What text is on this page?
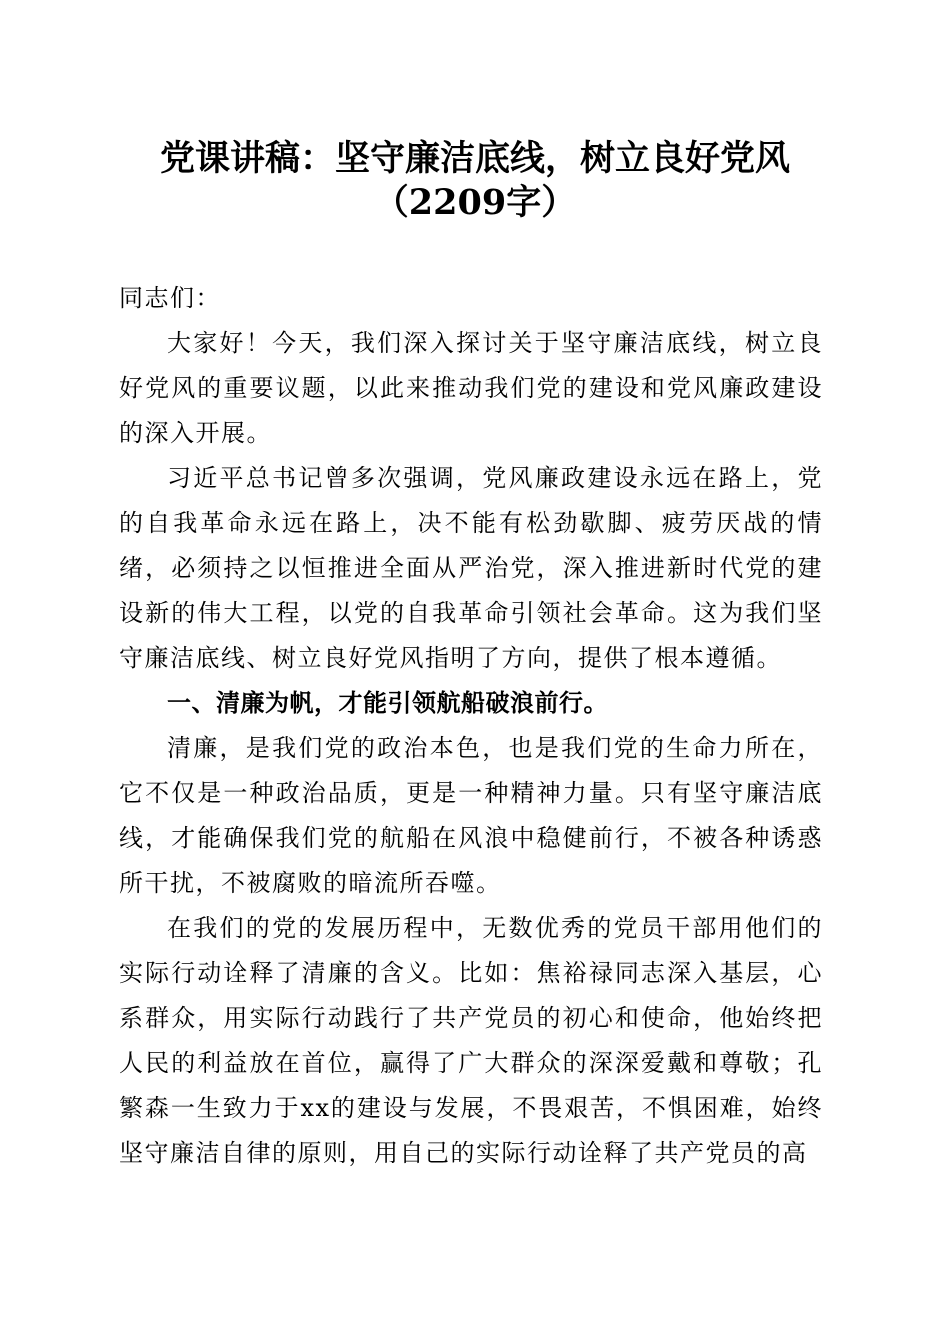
党课讲稿：坚守廉洁底线，树立良好党风
（2209字）

同志们：

大家好！今天，我们深入探讨关于坚守廉洁底线，树立良好党风的重要议题，以此来推动我们党的建设和党风廉政建设的深入开展。

习近平总书记曾多次强调，党风廉政建设永远在路上，党的自我革命永远在路上，决不能有松劲歇脚、疲劳厌战的情绪，必须持之以恒推进全面从严治党，深入推进新时代党的建设新的伟大工程，以党的自我革命引领社会革命。这为我们坚守廉洁底线、树立良好党风指明了方向，提供了根本遵循。

一、清廉为帆，才能引领航船破浪前行。

清廉，是我们党的政治本色，也是我们党的生命力所在，它不仅是一种政治品质，更是一种精神力量。只有坚守廉洁底线，才能确保我们党的航船在风浪中稳健前行，不被各种诱惑所干扰，不被腐败的暗流所吞噬。

在我们的党的发展历程中，无数优秀的党员干部用他们的实际行动诠释了清廉的含义。比如：焦裕禄同志深入基层，心系群众，用实际行动践行了共产党员的初心和使命，他始终把人民的利益放在首位，赢得了广大群众的深深爱戴和尊敬；孔繁森一生致力于xx的建设与发展，不畏艰苦，不惧困难，始终坚守廉洁自律的原则，用自己的实际行动诠释了共产党员的高
